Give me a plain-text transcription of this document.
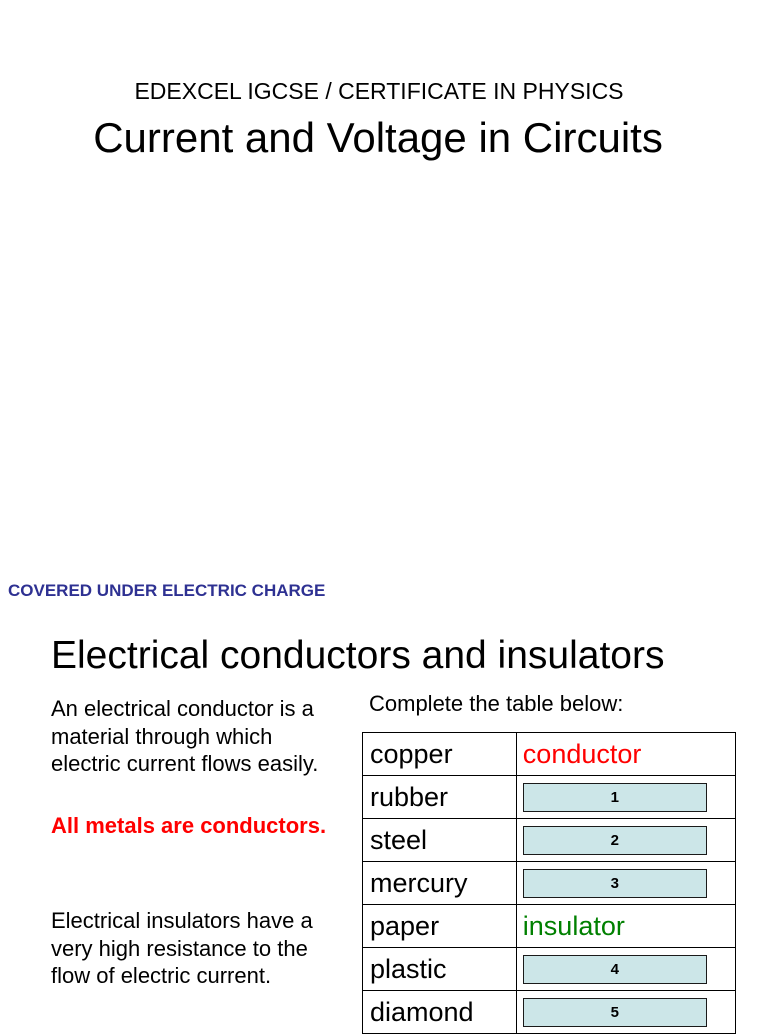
EDEXCEL IGCSE / CERTIFICATE IN PHYSICS
Current and Voltage in Circuits
COVERED UNDER ELECTRIC CHARGE
Electrical conductors and insulators
An electrical conductor is a material through which electric current flows easily.
All metals are conductors.
Electrical insulators have a very high resistance to the flow of electric current.
Complete the table below:
copper	conductor
rubber	1

steel	2

mercury	3

paper	insulator
plastic	4

diamond	5
